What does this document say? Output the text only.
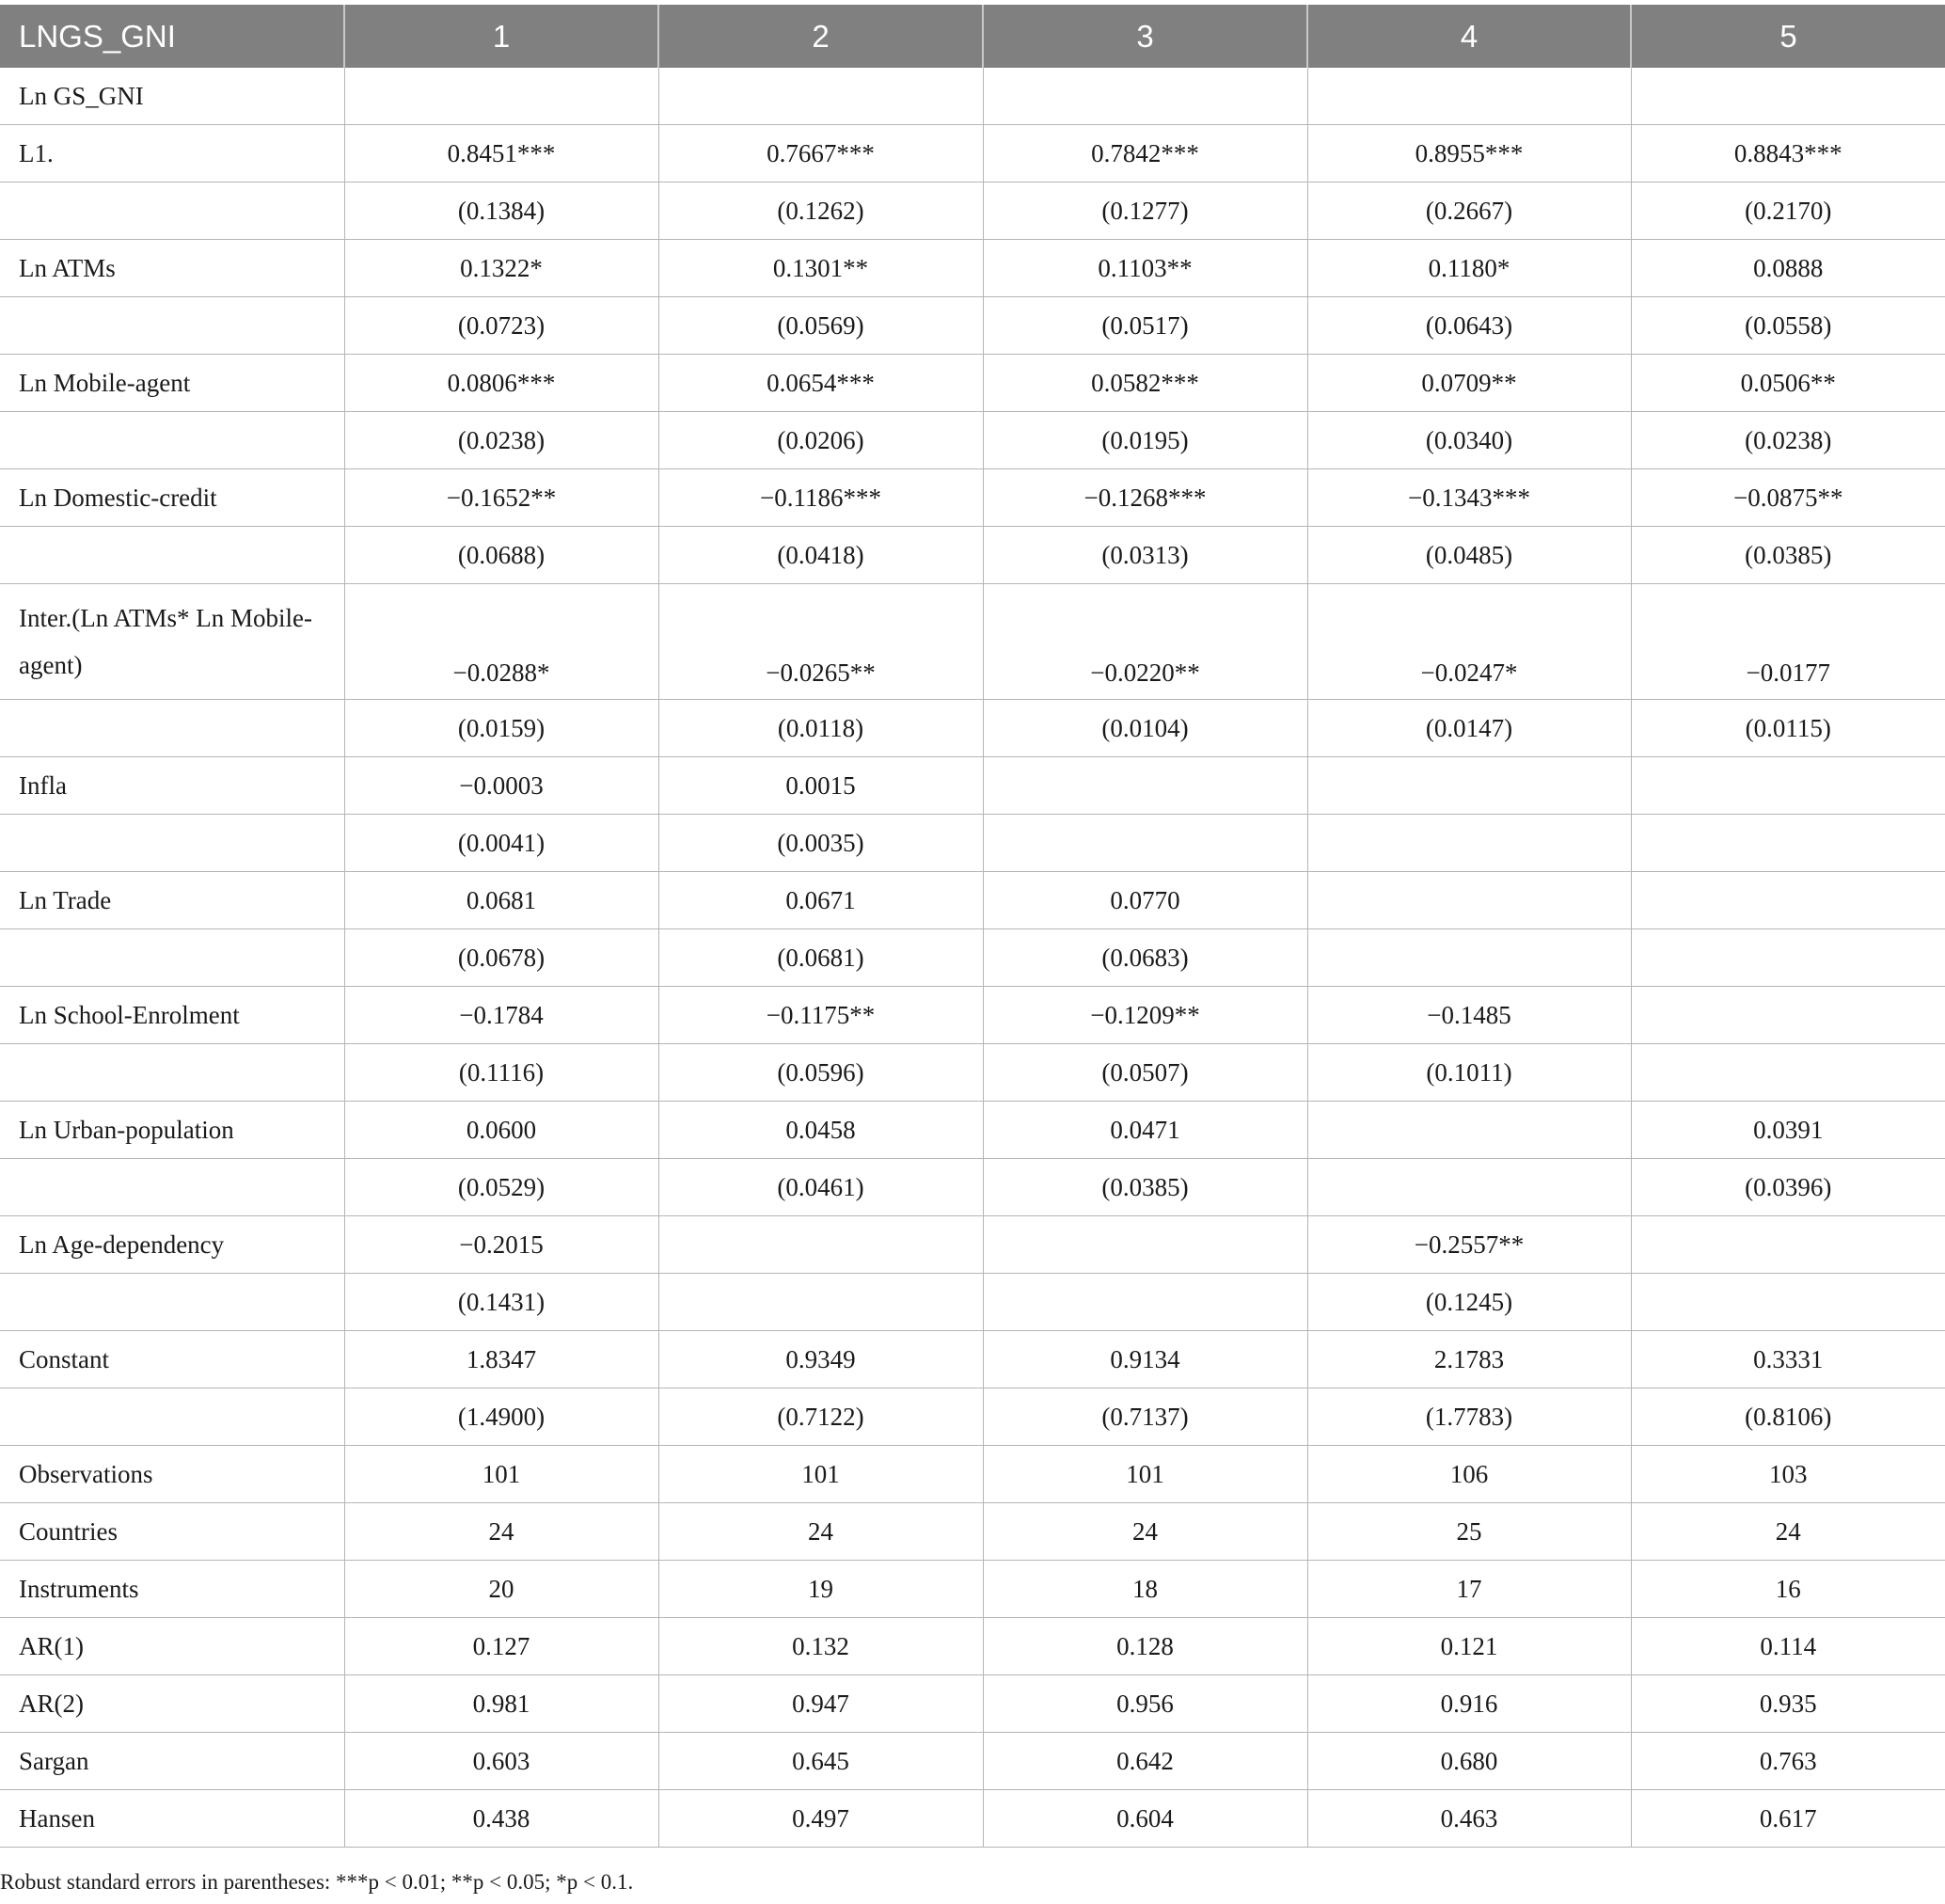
LNGS_GNI	1	2	3	4	5
Ln GS_GNI					
L1.	0.8451***	0.7667***	0.7842***	0.8955***	0.8843***
	(0.1384)	(0.1262)	(0.1277)	(0.2667)	(0.2170)
Ln ATMs	0.1322*	0.1301**	0.1103**	0.1180*	0.0888
	(0.0723)	(0.0569)	(0.0517)	(0.0643)	(0.0558)
Ln Mobile-agent	0.0806***	0.0654***	0.0582***	0.0709**	0.0506**
	(0.0238)	(0.0206)	(0.0195)	(0.0340)	(0.0238)
Ln Domestic-credit	−0.1652**	−0.1186***	−0.1268***	−0.1343***	−0.0875**
	(0.0688)	(0.0418)	(0.0313)	(0.0485)	(0.0385)
Inter.(Ln ATMs* Ln Mobile-agent)	−0.0288*	−0.0265**	−0.0220**	−0.0247*	−0.0177
	(0.0159)	(0.0118)	(0.0104)	(0.0147)	(0.0115)
Infla	−0.0003	0.0015			
	(0.0041)	(0.0035)			
Ln Trade	0.0681	0.0671	0.0770		
	(0.0678)	(0.0681)	(0.0683)		
Ln School-Enrolment	−0.1784	−0.1175**	−0.1209**	−0.1485	
	(0.1116)	(0.0596)	(0.0507)	(0.1011)	
Ln Urban-population	0.0600	0.0458	0.0471		0.0391
	(0.0529)	(0.0461)	(0.0385)		(0.0396)
Ln Age-dependency	−0.2015			−0.2557**	
	(0.1431)			(0.1245)	
Constant	1.8347	0.9349	0.9134	2.1783	0.3331
	(1.4900)	(0.7122)	(0.7137)	(1.7783)	(0.8106)
Observations	101	101	101	106	103
Countries	24	24	24	25	24
Instruments	20	19	18	17	16
AR(1)	0.127	0.132	0.128	0.121	0.114
AR(2)	0.981	0.947	0.956	0.916	0.935
Sargan	0.603	0.645	0.642	0.680	0.763
Hansen	0.438	0.497	0.604	0.463	0.617
Robust standard errors in parentheses: ***p < 0.01; **p < 0.05; *p < 0.1.
